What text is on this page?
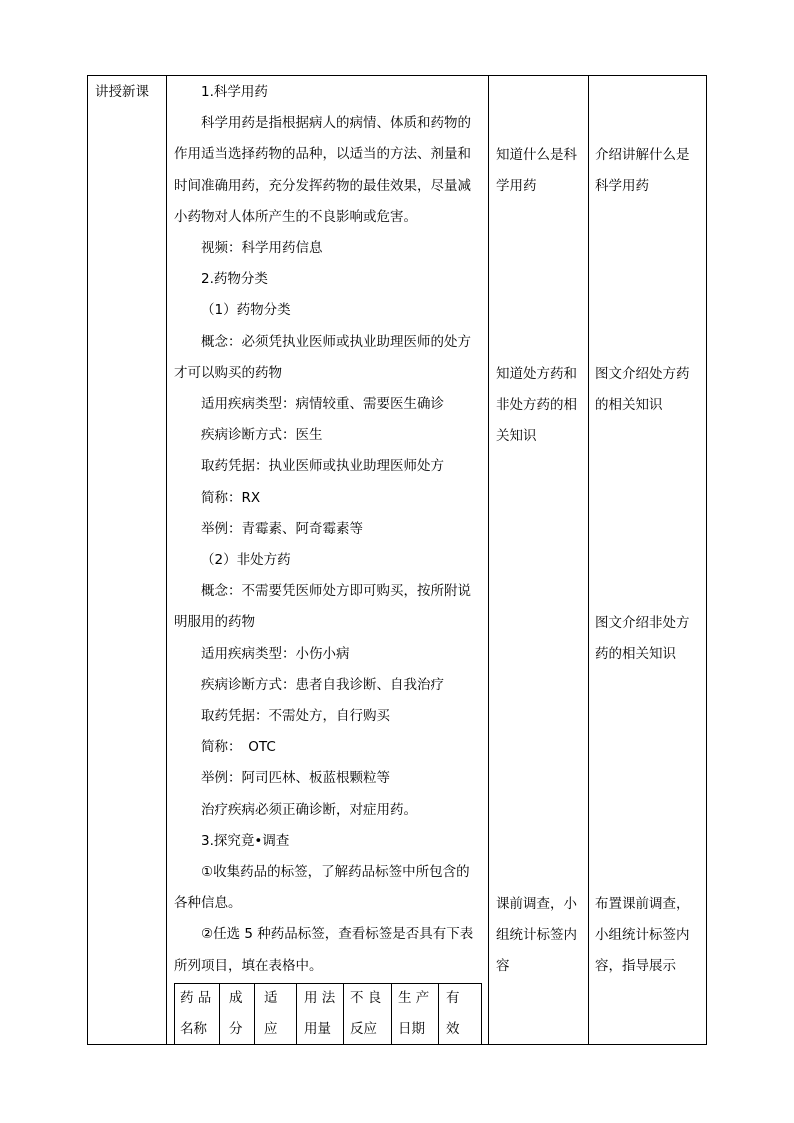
讲授新课	1.科学用药
科学用药是指根据病人的病情、体质和药物的
作用适当选择药物的品种，以适当的方法、剂量和
时间准确用药，充分发挥药物的最佳效果，尽量减
小药物对人体所产生的不良影响或危害。
视频：科学用药信息
2.药物分类
（1）药物分类
概念：必须凭执业医师或执业助理医师的处方
才可以购买的药物
适用疾病类型：病情较重、需要医生确诊
疾病诊断方式：医生
取药凭据：执业医师或执业助理医师处方
简称：RX
举例：青霉素、阿奇霉素等
（2）非处方药
概念：不需要凭医师处方即可购买，按所附说
明服用的药物
适用疾病类型：小伤小病
疾病诊断方式：患者自我诊断、自我治疗
取药凭据：不需处方，自行购买
简称：　OTC
举例：阿司匹林、板蓝根颗粒等
治疗疾病必须正确诊断，对症用药。
3.探究竟•调查
①收集药品的标签，了解药品标签中所包含的
各种信息。
②任选 5 种药品标签，查看标签是否具有下表
所列项目，填在表格中。
知道什么是科
学用药
知道处方药和
非处方药的相
关知识
课前调查，小
组统计标签内
容
介绍讲解什么是
科学用药
图文介绍处方药
的相关知识
图文介绍非处方
药的相关知识
布置课前调查，
小组统计标签内
容，指导展示
药 品
名称
成
分
适
应
用 法
用量
不 良
反应
生 产
日期
有
效
